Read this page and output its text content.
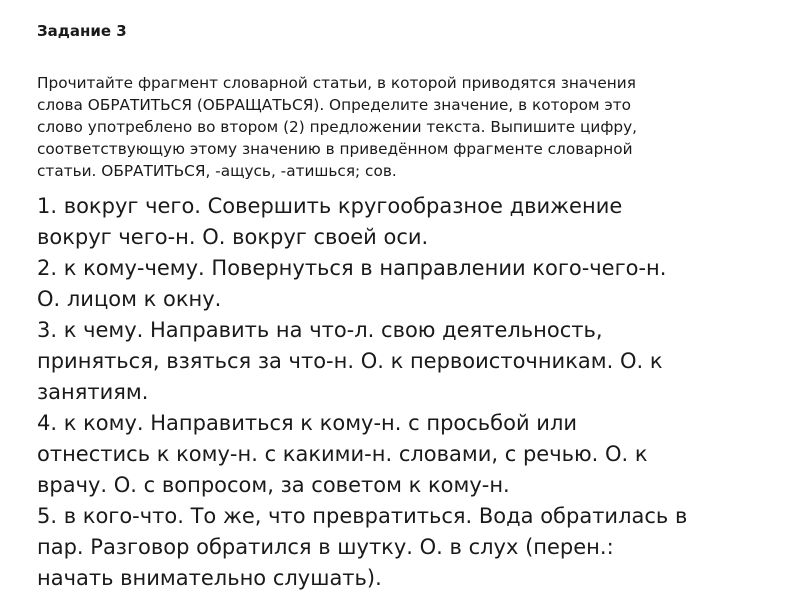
Задание 3

Прочитайте фрагмент словарной статьи, в которой приводятся значения
слова ОБРАТИТЬСЯ (ОБРАЩАТЬСЯ). Определите значение, в котором это
слово употреблено во втором (2) предложении текста. Выпишите цифру,
соответствующую этому значению в приведённом фрагменте словарной
статьи. ОБРАТИТЬСЯ, -ащусь, -атишься; сов.

1. вокруг чего. Совершить кругообразное движение
вокруг чего-н. О. вокруг своей оси.
2. к кому-чему. Повернуться в направлении кого-чего-н.
О. лицом к окну.
3. к чему. Направить на что-л. свою деятельность,
приняться, взяться за что-н. О. к первоисточникам. О. к
занятиям.
4. к кому. Направиться к кому-н. с просьбой или
отнестись к кому-н. с какими-н. словами, с речью. О. к
врачу. О. с вопросом, за советом к кому-н.
5. в кого-что. То же, что превратиться. Вода обратилась в
пар. Разговор обратился в шутку. О. в слух (перен.:
начать внимательно слушать).
